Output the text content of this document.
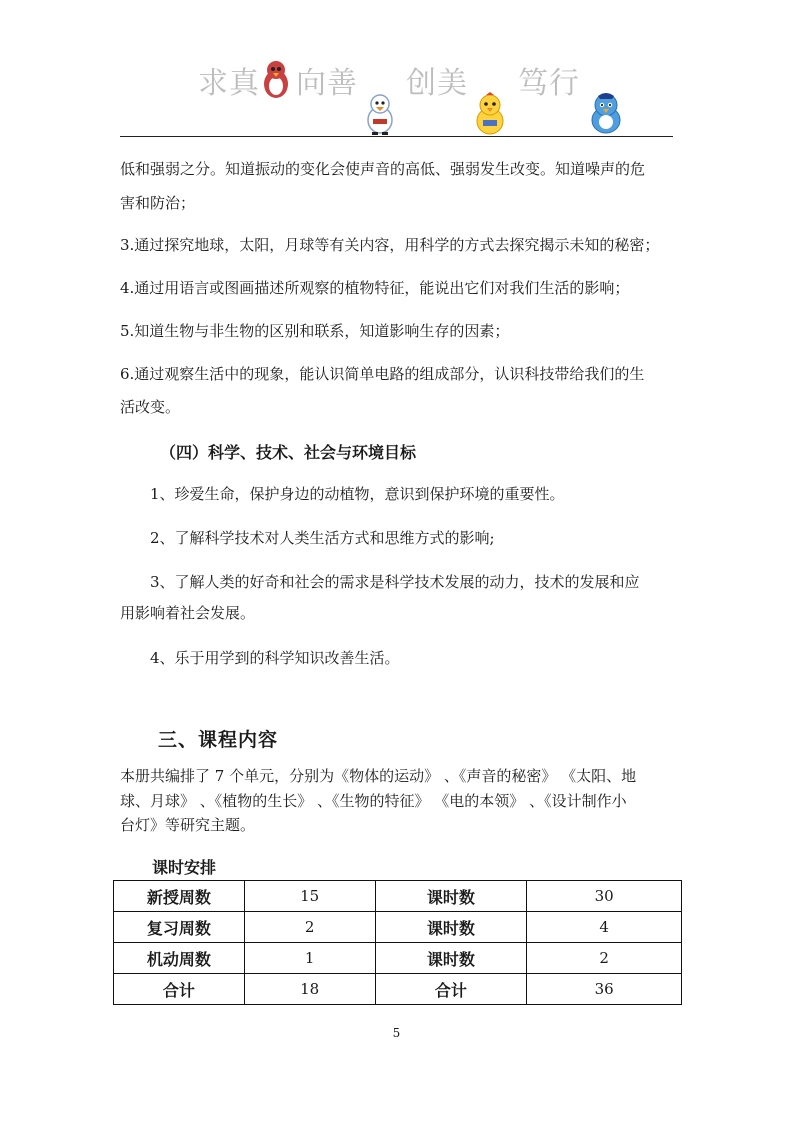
求真 向善 创美 笃行
低和强弱之分。知道振动的变化会使声音的高低、强弱发生改变。知道噪声的危
害和防治；
3.通过探究地球，太阳，月球等有关内容，用科学的方式去探究揭示未知的秘密；
4.通过用语言或图画描述所观察的植物特征，能说出它们对我们生活的影响；
5.知道生物与非生物的区别和联系，知道影响生存的因素；
6.通过观察生活中的现象，能认识简单电路的组成部分，认识科技带给我们的生
活改变。
（四）科学、技术、社会与环境目标
1、珍爱生命，保护身边的动植物，意识到保护环境的重要性。
2、了解科学技术对人类生活方式和思维方式的影响;
3、了解人类的好奇和社会的需求是科学技术发展的动力，技术的发展和应
用影响着社会发展。
4、乐于用学到的科学知识改善生活。
三、课程内容
本册共编排了 7 个单元，分别为《物体的运动》 、《声音的秘密》 《太阳、地
球、月球》 、《植物的生长》 、《生物的特征》 《电的本领》 、《设计制作小
台灯》等研究主题。
课时安排
新授周数	15	课时数	30
复习周数	2	课时数	4
机动周数	1	课时数	2
合计	18	合计	36
5
